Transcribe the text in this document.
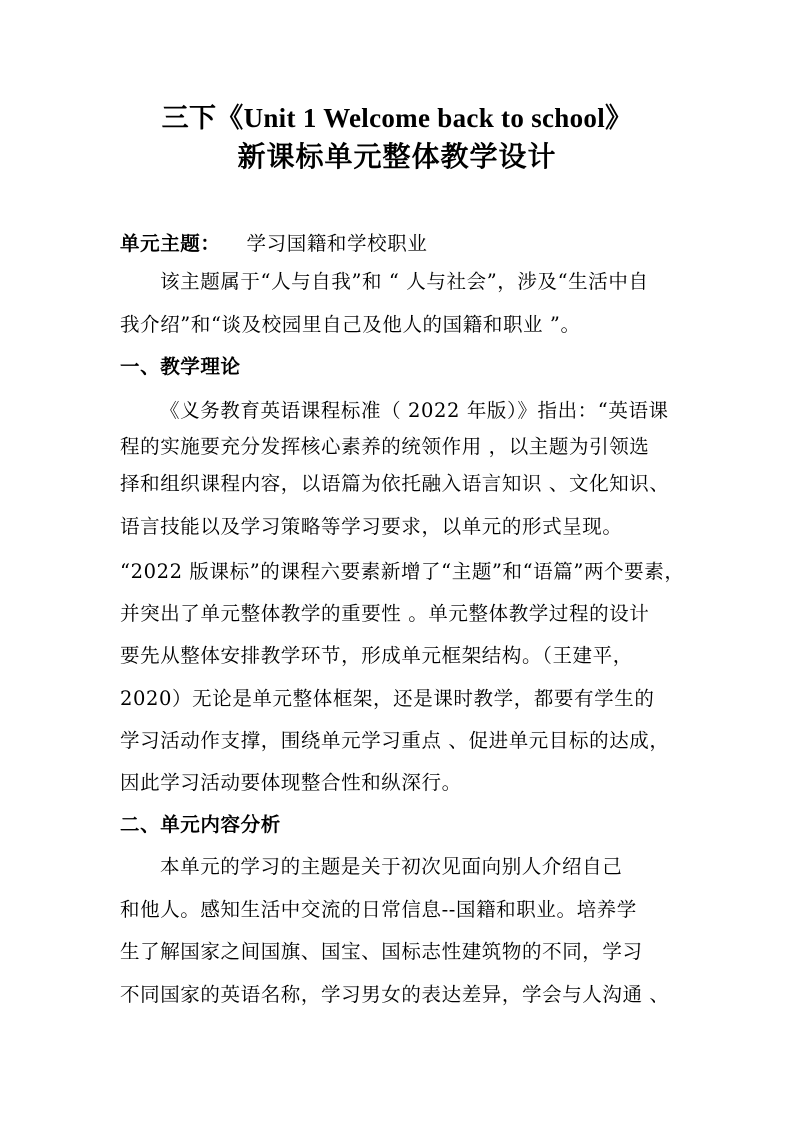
三下《Unit 1 Welcome back to school》
新课标单元整体教学设计
单元主题： 学习国籍和学校职业
该主题属于“人与自我”和 “ 人与社会”，涉及“生活中自
我介绍”和“谈及校园里自己及他人的国籍和职业 ”。
一、教学理论
《义务教育英语课程标准（ 2022 年版）》指出：“英语课
程的实施要充分发挥核心素养的统领作用 ，以主题为引领选
择和组织课程内容，以语篇为依托融入语言知识 、文化知识、
语言技能以及学习策略等学习要求，以单元的形式呈现。
“2022 版课标”的课程六要素新增了“主题”和“语篇”两个要素，
并突出了单元整体教学的重要性 。单元整体教学过程的设计
要先从整体安排教学环节，形成单元框架结构。（王建平，
2020）无论是单元整体框架，还是课时教学，都要有学生的
学习活动作支撑，围绕单元学习重点 、促进单元目标的达成，
因此学习活动要体现整合性和纵深行。
二、单元内容分析
本单元的学习的主题是关于初次见面向别人介绍自己
和他人。感知生活中交流的日常信息--国籍和职业。培养学
生了解国家之间国旗、国宝、国标志性建筑物的不同，学习
不同国家的英语名称，学习男女的表达差异，学会与人沟通 、
